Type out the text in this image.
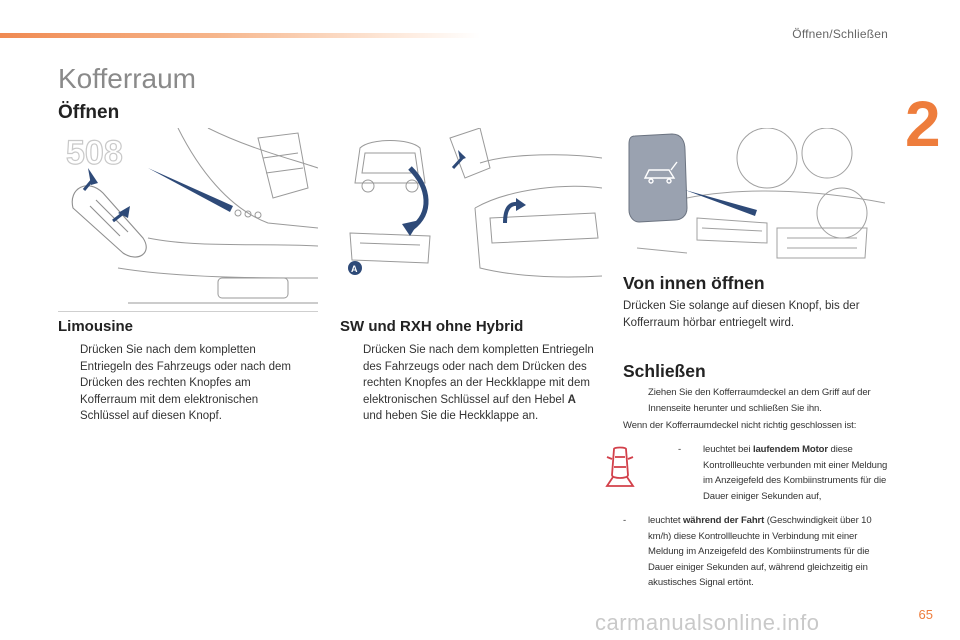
Öffnen/Schließen
2
Kofferraum
Öffnen
508
A
Limousine
Drücken Sie nach dem kompletten Entriegeln des Fahrzeugs oder nach dem Drücken des rechten Knopfes am Kofferraum mit dem elektronischen Schlüssel auf diesen Knopf.
SW und RXH ohne Hybrid
Drücken Sie nach dem kompletten Entriegeln des Fahrzeugs oder nach dem Drücken des rechten Knopfes an der Heckklappe mit dem elektronischen Schlüssel auf den Hebel A und heben Sie die Heckklappe an.
Von innen öffnen
Drücken Sie solange auf diesen Knopf, bis der Kofferraum hörbar entriegelt wird.
Schließen
Ziehen Sie den Kofferraumdeckel an dem Griff auf der Innenseite herunter und schließen Sie ihn.
Wenn der Kofferraumdeckel nicht richtig geschlossen ist:
-	leuchtet bei laufendem Motor diese Kontrollleuchte verbunden mit einer Meldung im Anzeigefeld des Kombiinstruments für die Dauer einiger Sekunden auf,
-	leuchtet während der Fahrt (Geschwindigkeit über 10 km/h) diese Kontrollleuchte in Verbindung mit einer Meldung im Anzeigefeld des Kombiinstruments für die Dauer einiger Sekunden auf, während gleichzeitig ein akustisches Signal ertönt.
carmanualsonline.info	65
